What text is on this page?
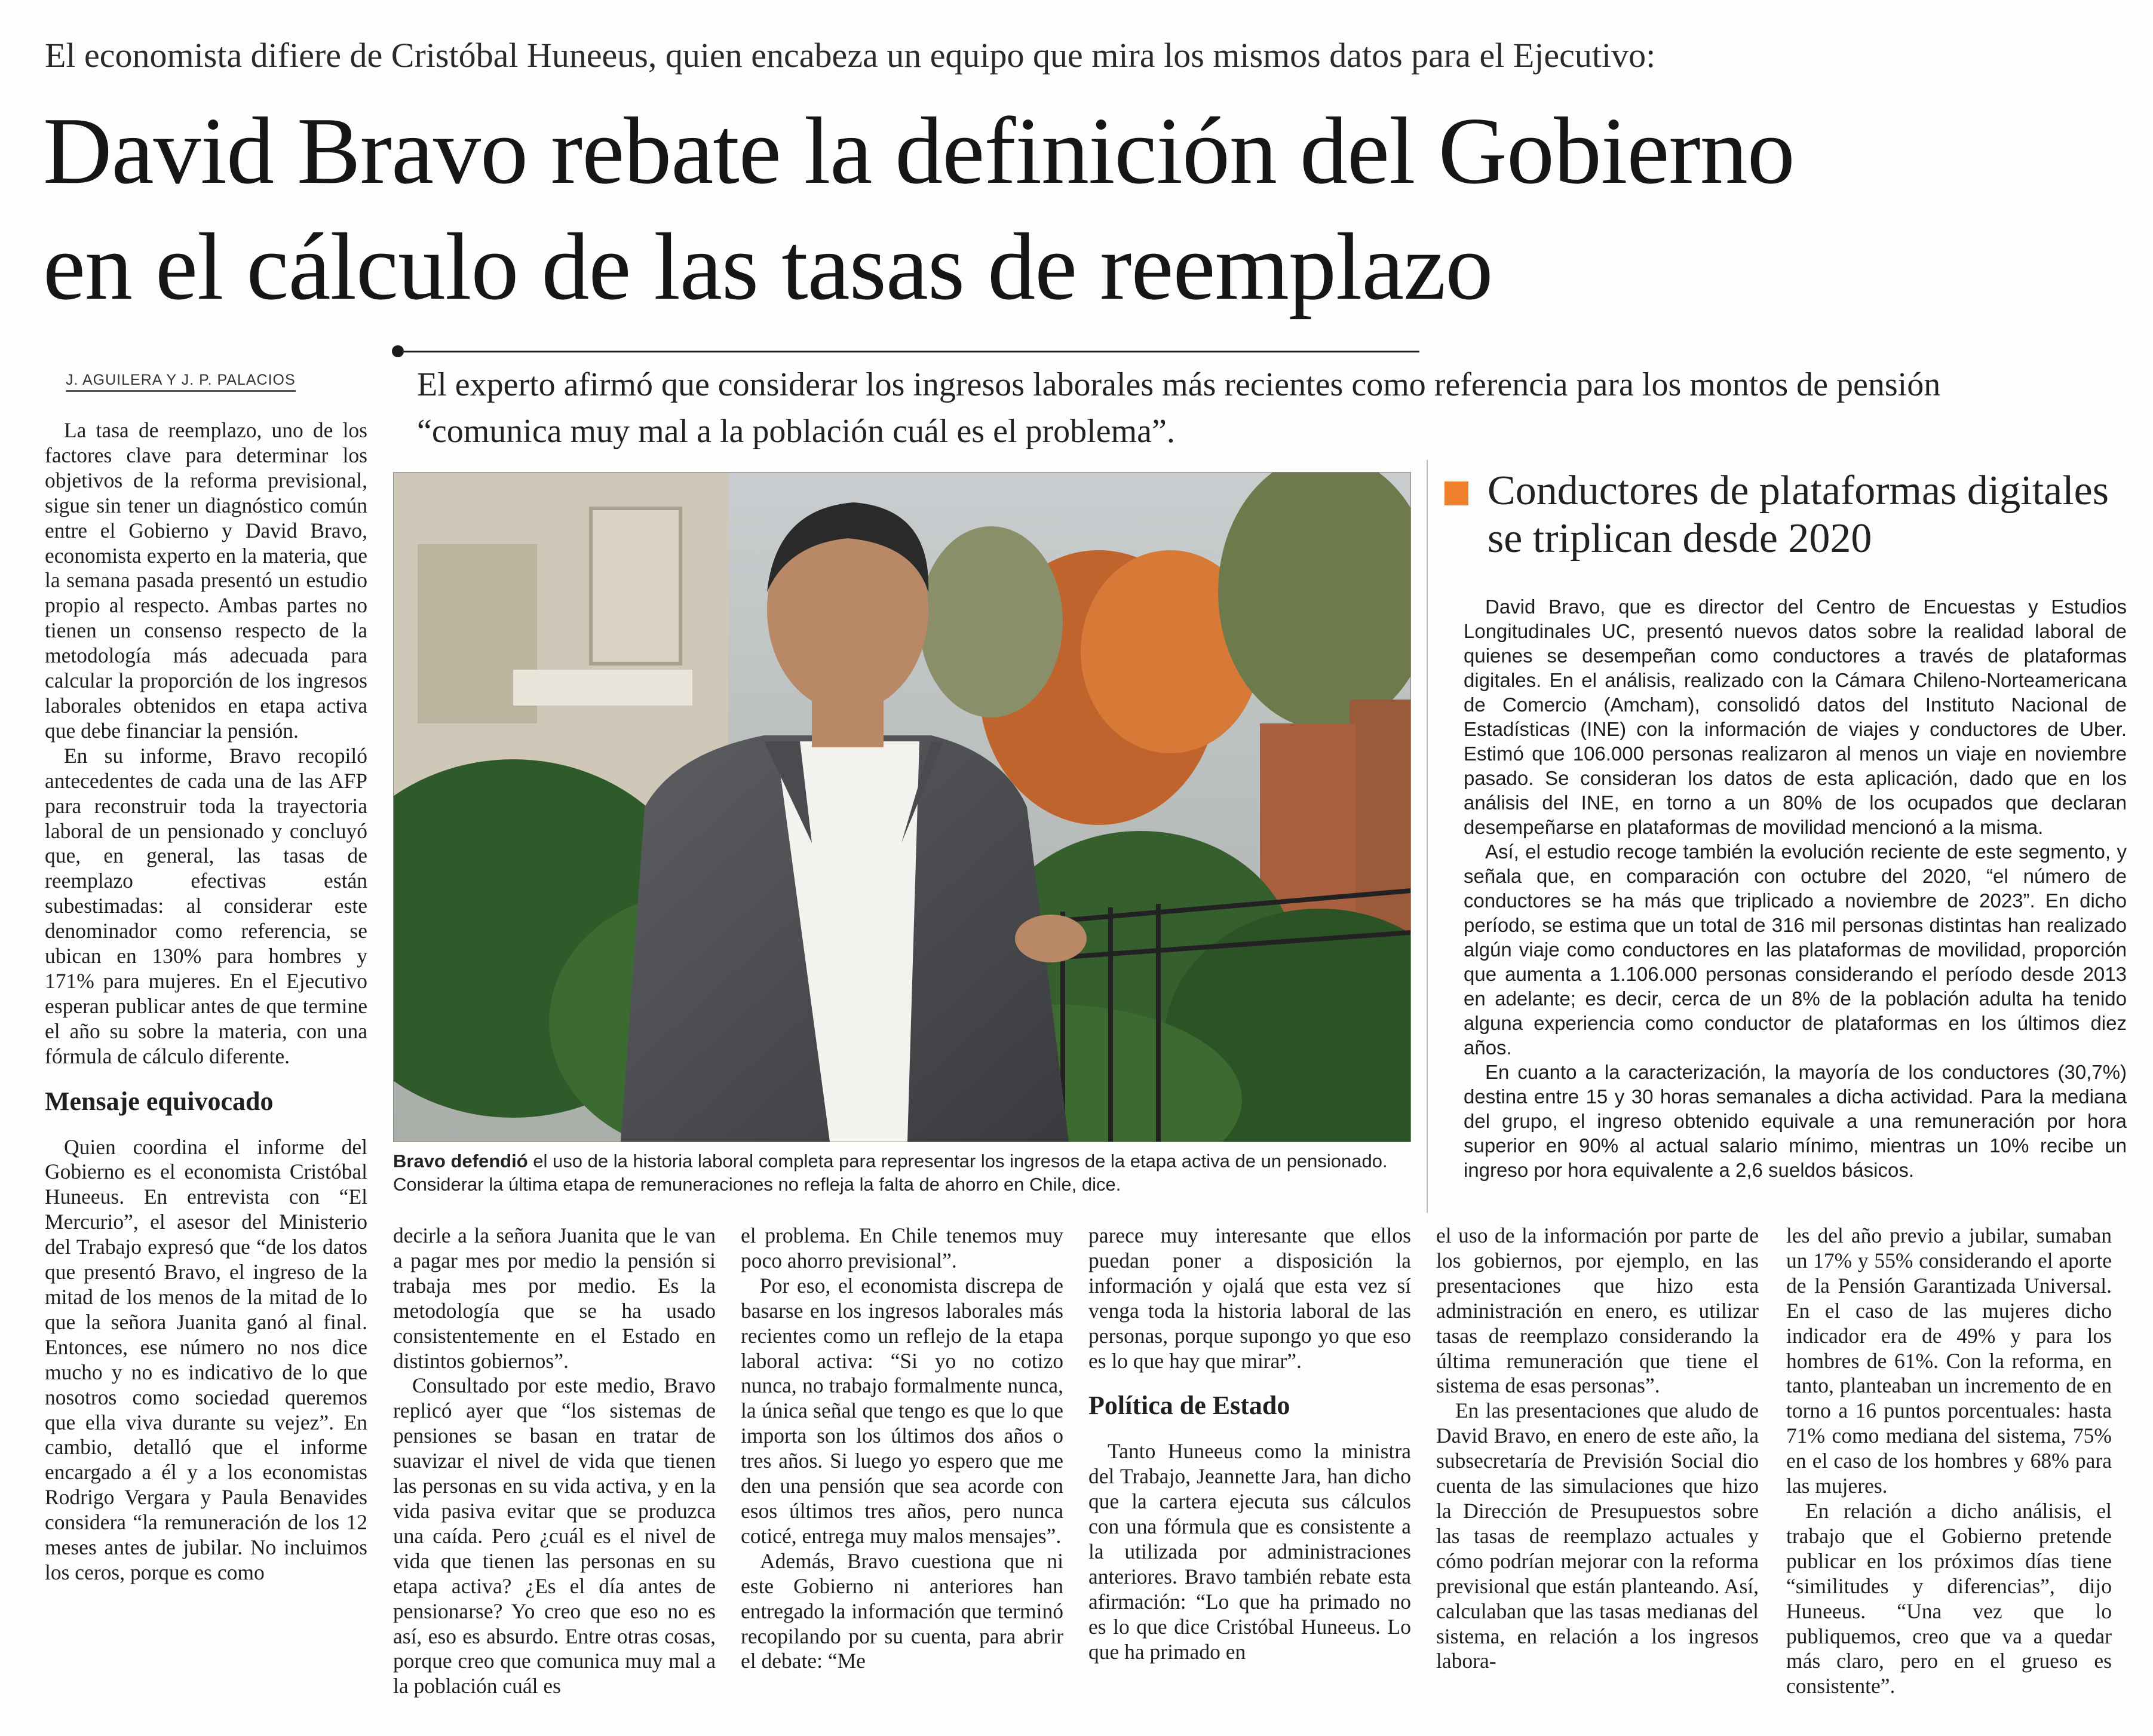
El economista difiere de Cristóbal Huneeus, quien encabeza un equipo que mira los mismos datos para el Ejecutivo:
David Bravo rebate la definición del Gobierno
en el cálculo de las tasas de reemplazo
J. AGUILERA Y J. P. PALACIOS	El experto afirmó que considerar los ingresos laborales más recientes como referencia para los montos de pensión “comunica muy mal a la población cuál es el problema”.

La tasa de reemplazo, uno de los factores clave para determinar los objetivos de la reforma previsional, sigue sin tener un diagnóstico común entre el Gobierno y David Bravo, economista experto en la materia, que la semana pasada presentó un estudio propio al respecto. Ambas partes no tienen un consenso respecto de la metodología más adecuada para calcular la proporción de los ingresos laborales obtenidos en etapa activa que debe financiar la pensión.

En su informe, Bravo recopiló antecedentes de cada una de las AFP para reconstruir toda la trayectoria laboral de un pensionado y concluyó que, en general, las tasas de reemplazo efectivas están subestimadas: al considerar este denominador como referencia, se ubican en 130% para hombres y 171% para mujeres. En el Ejecutivo esperan publicar antes de que termine el año su sobre la materia, con una fórmula de cálculo diferente.

Mensaje equivocado

Quien coordina el informe del Gobierno es el economista Cristóbal Huneeus. En entrevista con “El Mercurio”, el asesor del Ministerio del Trabajo expresó que “de los datos que presentó Bravo, el ingreso de la mitad de los menos de la mitad de lo que la señora Juanita ganó al final. Entonces, ese número no nos dice mucho y no es indicativo de lo que nosotros como sociedad queremos que ella viva durante su vejez”. En cambio, detalló que el informe encargado a él y a los economistas Rodrigo Vergara y Paula Benavides considera “la remuneración de los 12 meses antes de jubilar. No incluimos los ceros, porque es como

Bravo defendió el uso de la historia laboral completa para representar los ingresos de la etapa activa de un pensionado. Considerar la última etapa de remuneraciones no refleja la falta de ahorro en Chile, dice.
Conductores de plataformas digitales se triplican desde 2020

David Bravo, que es director del Centro de Encuestas y Estudios Longitudinales UC, presentó nuevos datos sobre la realidad laboral de quienes se desempeñan como conductores a través de plataformas digitales. En el análisis, realizado con la Cámara Chileno-Norteamericana de Comercio (Amcham), consolidó datos del Instituto Nacional de Estadísticas (INE) con la información de viajes y conductores de Uber. Estimó que 106.000 personas realizaron al menos un viaje en noviembre pasado. Se consideran los datos de esta aplicación, dado que en los análisis del INE, en torno a un 80% de los ocupados que declaran desempeñarse en plataformas de movilidad mencionó a la misma.

Así, el estudio recoge también la evolución reciente de este segmento, y señala que, en comparación con octubre del 2020, “el número de conductores se ha más que triplicado a noviembre de 2023”. En dicho período, se estima que un total de 316 mil personas distintas han realizado algún viaje como conductores en las plataformas de movilidad, proporción que aumenta a 1.106.000 personas considerando el período desde 2013 en adelante; es decir, cerca de un 8% de la población adulta ha tenido alguna experiencia como conductor de plataformas en los últimos diez años.

En cuanto a la caracterización, la mayoría de los conductores (30,7%) destina entre 15 y 30 horas semanales a dicha actividad. Para la mediana del grupo, el ingreso obtenido equivale a una remuneración por hora superior en 90% al actual salario mínimo, mientras un 10% recibe un ingreso por hora equivalente a 2,6 sueldos básicos.

decirle a la señora Juanita que le van a pagar mes por medio la pensión si trabaja mes por medio. Es la metodología que se ha usado consistentemente en el Estado en distintos gobiernos”.

Consultado por este medio, Bravo replicó ayer que “los sistemas de pensiones se basan en tratar de suavizar el nivel de vida que tienen las personas en su vida activa, y en la vida pasiva evitar que se produzca una caída. Pero ¿cuál es el nivel de vida que tienen las personas en su etapa activa? ¿Es el día antes de pensionarse? Yo creo que eso no es así, eso es absurdo. Entre otras cosas, porque creo que comunica muy mal a la población cuál es

el problema. En Chile tenemos muy poco ahorro previsional”.

Por eso, el economista discrepa de basarse en los ingresos laborales más recientes como un reflejo de la etapa laboral activa: “Si yo no cotizo nunca, no trabajo formalmente nunca, la única señal que tengo es que lo que importa son los últimos dos años o tres años. Si luego yo espero que me den una pensión que sea acorde con esos últimos tres años, pero nunca coticé, entrega muy malos mensajes”.

Además, Bravo cuestiona que ni este Gobierno ni anteriores han entregado la información que terminó recopilando por su cuenta, para abrir el debate: “Me

parece muy interesante que ellos puedan poner a disposición la información y ojalá que esta vez sí venga toda la historia laboral de las personas, porque supongo yo que eso es lo que hay que mirar”.

Política de Estado

Tanto Huneeus como la ministra del Trabajo, Jeannette Jara, han dicho que la cartera ejecuta sus cálculos con una fórmula que es consistente a la utilizada por administraciones anteriores. Bravo también rebate esta afirmación: “Lo que ha primado no es lo que dice Cristóbal Huneeus. Lo que ha primado en

el uso de la información por parte de los gobiernos, por ejemplo, en las presentaciones que hizo esta administración en enero, es utilizar tasas de reemplazo considerando la última remuneración que tiene el sistema de esas personas”.

En las presentaciones que aludo de David Bravo, en enero de este año, la subsecretaría de Previsión Social dio cuenta de las simulaciones que hizo la Dirección de Presupuestos sobre las tasas de reemplazo actuales y cómo podrían mejorar con la reforma previsional que están planteando. Así, calculaban que las tasas medianas del sistema, en relación a los ingresos labora-

les del año previo a jubilar, sumaban un 17% y 55% considerando el aporte de la Pensión Garantizada Universal. En el caso de las mujeres dicho indicador era de 49% y para los hombres de 61%. Con la reforma, en tanto, planteaban un incremento de en torno a 16 puntos porcentuales: hasta 71% como mediana del sistema, 75% en el caso de los hombres y 68% para las mujeres.

En relación a dicho análisis, el trabajo que el Gobierno pretende publicar en los próximos días tiene “similitudes y diferencias”, dijo Huneeus. “Una vez que lo publiquemos, creo que va a quedar más claro, pero en el grueso es consistente”.
